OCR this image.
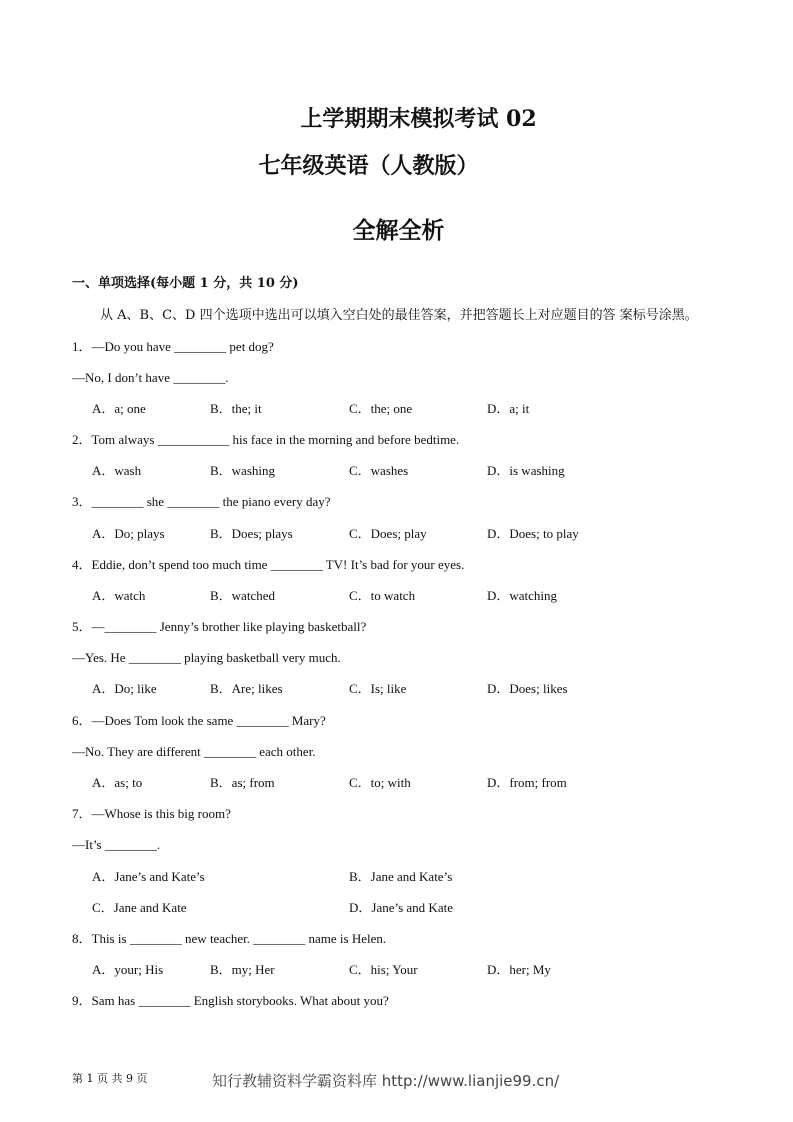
上学期期末模拟考试 02
七年级英语（人教版）
全解全析
一、单项选择(每小题 1 分，共 10 分)
从 A、B、C、D 四个选项中选出可以填入空白处的最佳答案，并把答题长上对应题目的答 案标号涂黑。
1．—Do you have ________ pet dog?
—No, I don’t have ________.
A．a; one	B．the; it	C．the; one	D．a; it
2．Tom always ___________ his face in the morning and before bedtime.
A．wash	B．washing	C．washes	D．is washing
3．________ she ________ the piano every day?
A．Do; plays	B．Does; plays	C．Does; play	D．Does; to play
4．Eddie, don’t spend too much time ________ TV! It’s bad for your eyes.
A．watch	B．watched	C．to watch	D．watching
5．—________ Jenny’s brother like playing basketball?
—Yes. He ________ playing basketball very much.
A．Do; like	B．Are; likes	C．Is; like	D．Does; likes
6．—Does Tom look the same ________ Mary?
—No. They are different ________ each other.
A．as; to	B．as; from	C．to; with	D．from; from
7．—Whose is this big room?
—It’s ________.
A．Jane’s and Kate’s	B．Jane and Kate’s
C．Jane and Kate	D．Jane’s and Kate
8．This is ________ new teacher. ________ name is Helen.
A．your; His	B．my; Her	C．his; Your	D．her; My
9．Sam has ________ English storybooks. What about you?
第 1 页 共 9 页	知行教辅资料学霸资料库 http://www.lianjie99.cn/
